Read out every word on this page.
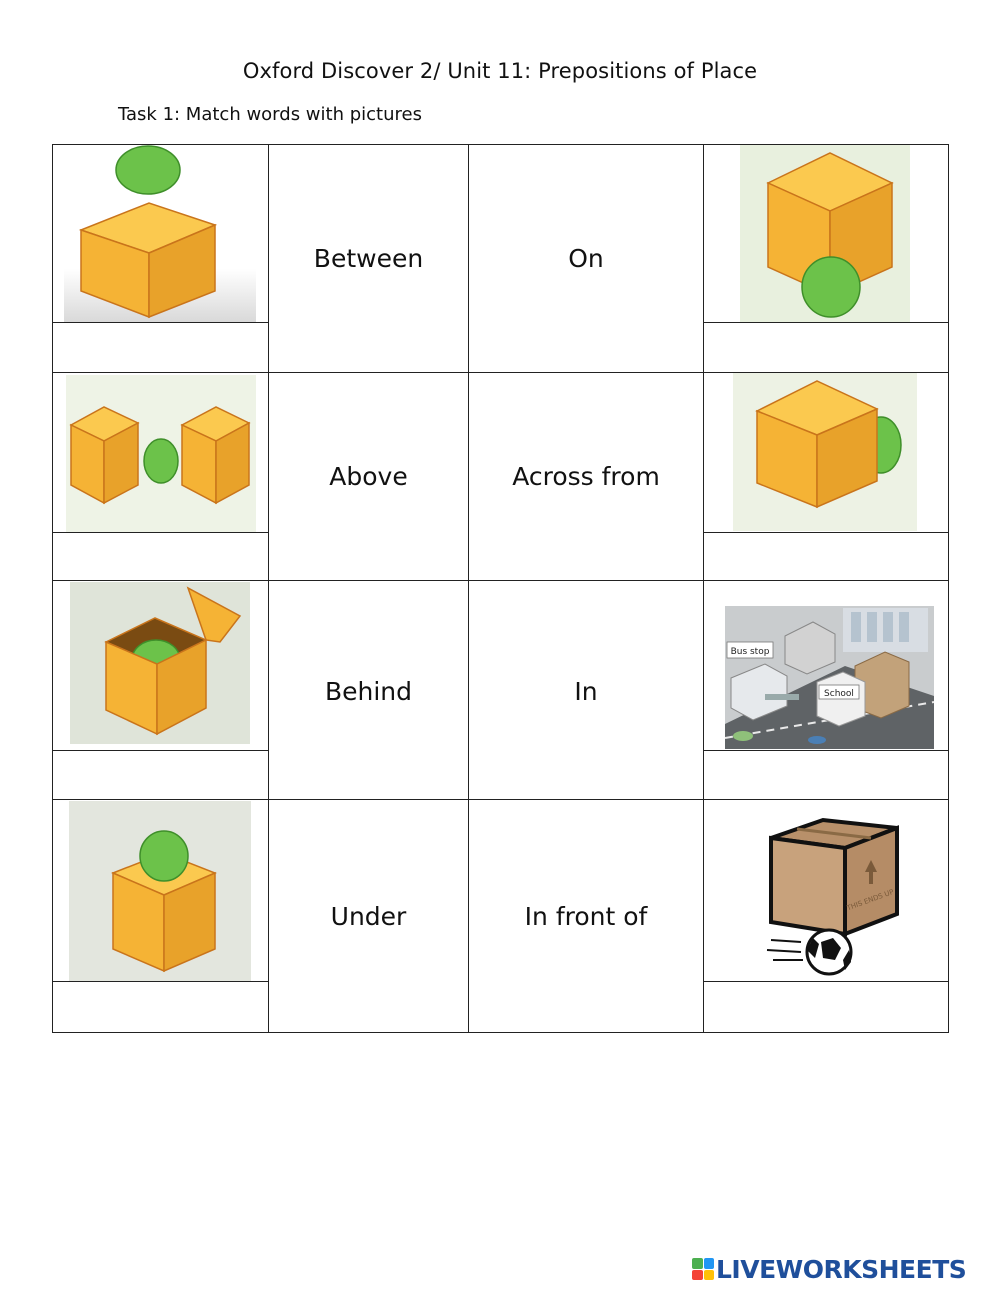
Oxford Discover 2/ Unit 11: Prepositions of Place
Task 1: Match words with pictures
Between
Above
Behind
Under
On
Across from
In
In front of
Bus stop
School
THIS ENDS UP
LIVEWORKSHEETS
